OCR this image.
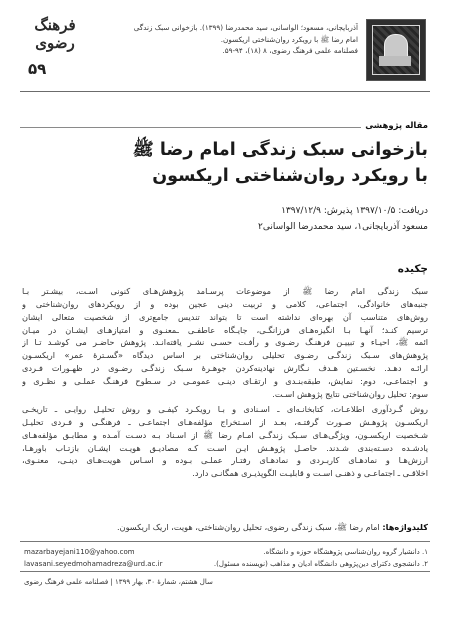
فرهنگ رضوی
۵۹
آذربایجانی، مسعود؛ الواسانی، سید محمدرضا (۱۳۹۹). بازخوانی سبک زندگی
امام رضا ﷺ با رویکرد روان‌شناختی اریکسون.
فصلنامه علمی فرهنگ رضوی، ۸ (۱۸)، ۹۴-۵۹.
مقاله پژوهشی
بازخوانی سبک زندگی امام رضا ﷺ
با رویکرد روان‌شناختی اریکسون
دریافت: ۱۳۹۷/۱۰/۵ پذیرش: ۱۳۹۷/۱۲/۹
مسعود آذربایجانی۱، سید محمدرضا الواسانی۲
چکیده
سبک زندگی امام رضا ﷺ از موضوعات پرسـامد پژوهش‌هـای کنونی اسـت، بیشـتر بـا
جنبه‌های خانوادگی، اجتماعی، کلامی و تربیت دینی عجین بوده و از رویکردهای روان‌شناختی و
روش‌های متناسب آن بهره‌ای نداشته است تا بتواند تندیس جامع‌تری از شخصیت متعالی ایشان
ترسیم کنـد؛ آنهـا بـا انگیزه‌هـای فرزانگـی، جایـگاه عاطفـی ـمعنـوی و امتیازهـای ایشـان در میـان
ائمه ﷺ، احیـاء و تبییـن فرهنـگ رضـوی و رأفـت حسـی نشـر یافته‌انـد. پژوهش حاضـر می کوشـد تـا از
پژوهش‌های سـبک زندگـی رضـوی تحلیلی روان‌شناختی بر اساس دیدگاه «گسـترهٔ عمر» اریکسـون
ارائـه دهـد. نخسـتین هـدف نـگارش نهادینه‌کردن جوهـرهٔ سـبک زندگـی رضـوی در ظهـورات فـردی
و اجتماعـی، دوم: نمایش، طبقه‌بنـدی و ارتقـای دینـی عمومـی در سـطوح فرهنـگ عملـی و نظـری و
سوم: تحلیل روان‌شناختی نتایج پژوهش اسـت.
روش گـردآوری اطلاعـات، کتابخانـه‌ای ـ اسـنادی و بـا رویکـرد کیفـی و روش تحلیـل روایـی ـ تاریخـی
اریکسـون پژوهـش صـورت گرفتـه، بعـد از اسـتخراج مؤلفه‌هـای اجتماعـی ـ فرهنگـی و فـردی تحلیـل
شـخصیت اریکسـون، ویژگی‌هـای سـبک زندگـی امـام رضا ﷺ از اسـناد بـه دسـت آمـده و مطابـق مؤلفه‌هـای
یادشـده دسـته‌بندی شـدند. حاصـل پژوهـش ایـن اسـت کـه مصادیـق هویـت ایشـان بازتـاب باورهـا،
ارزش‌هـا و نمادهـای کاربـردی و نمادهـای رفتـار عملـی بـوده و اسـاس هویت‌هـای دینـی، معنـوی،
اخلاقـی ـ اجتماعـی و ذهنـی اسـت و قابلیـت الگوپذیـری همگانـی دارد.
کلیدواژه‌ها: امام رضا ﷺ، سبک زندگی رضوی، تحلیل روان‌شناختی، هویت، اریک اریکسون.
۱. دانشیار گروه روان‌شناسی پژوهشگاه حوزه و دانشگاه.
mazarbayejani110@yahoo.com
۲. دانشجوی دکترای دین‌پژوهی دانشگاه ادیان و مذاهب (نویسنده مسئول).
lavasani.seyedmohamadreza@urd.ac.ir
سال هشتم، شمارهٔ ۳۰، بهار ۱۳۹۹ | فصلنامه علمی فرهنگ رضوی
